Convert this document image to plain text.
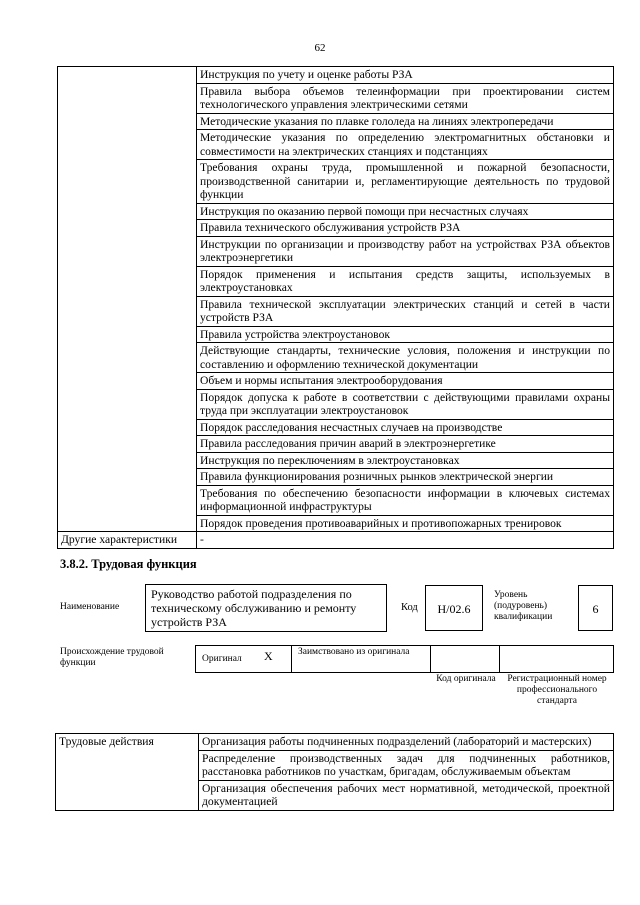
62
	Инструкция по учету и оценке работы РЗА
	Правила выбора объемов телеинформации при проектировании систем технологического управления электрическими сетями
	Методические указания по плавке гололеда на линиях электропередачи
	Методические указания по определению электромагнитных обстановки и совместимости на электрических станциях и подстанциях
	Требования охраны труда, промышленной и пожарной безопасности, производственной санитарии и, регламентирующие деятельность по трудовой функции
	Инструкция по оказанию первой помощи при несчастных случаях
	Правила технического обслуживания устройств РЗА
	Инструкции по организации и производству работ на устройствах РЗА объектов электроэнергетики
	Порядок применения и испытания средств защиты, используемых в электроустановках
	Правила технической эксплуатации электрических станций и сетей в части устройств РЗА
	Правила устройства электроустановок
	Действующие стандарты, технические условия, положения и инструкции по составлению и оформлению технической документации
	Объем и нормы испытания электрооборудования
	Порядок допуска к работе в соответствии с действующими правилами охраны труда при эксплуатации электроустановок
	Порядок расследования несчастных случаев на производстве
	Правила расследования причин аварий в электроэнергетике
	Инструкция по переключениям в электроустановках
	Правила функционирования розничных рынков электрической энергии
	Требования по обеспечению безопасности информации в ключевых системах информационной инфраструктуры
	Порядок проведения противоаварийных и противопожарных тренировок
Другие характеристики	-
3.8.2. Трудовая функция
Наименование
Руководство работой подразделения по техническому обслуживанию и ремонту устройств РЗА
Код	H/02.6
Уровень (подуровень) квалификации
6
Происхождение трудовой функции	Оригинал X	Заимствовано из оригинала
Код оригинала	Регистрационный номер профессионального стандарта
Трудовые действия	Организация работы подчиненных подразделений (лабораторий и мастерских)
Распределение производственных задач для подчиненных работников, расстановка работников по участкам, бригадам, обслуживаемым объектам
Организация обеспечения рабочих мест нормативной, методической, проектной документацией
